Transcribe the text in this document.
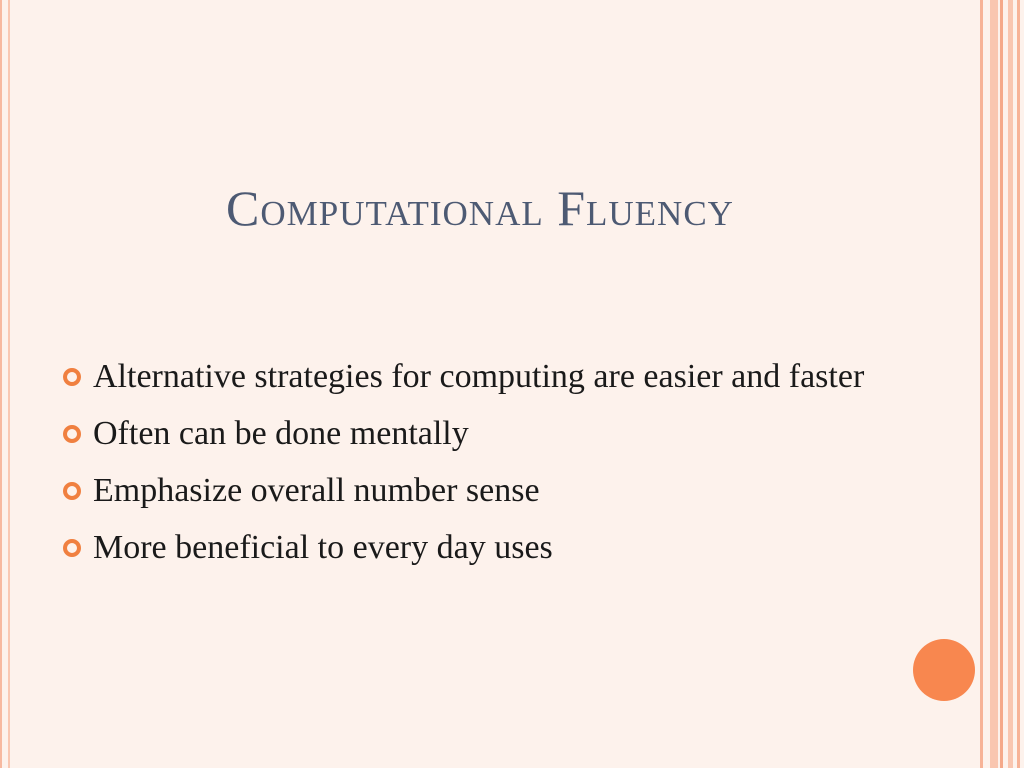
Computational Fluency
Alternative strategies for computing are easier and faster
Often can be done mentally
Emphasize overall number sense
More beneficial to every day uses
